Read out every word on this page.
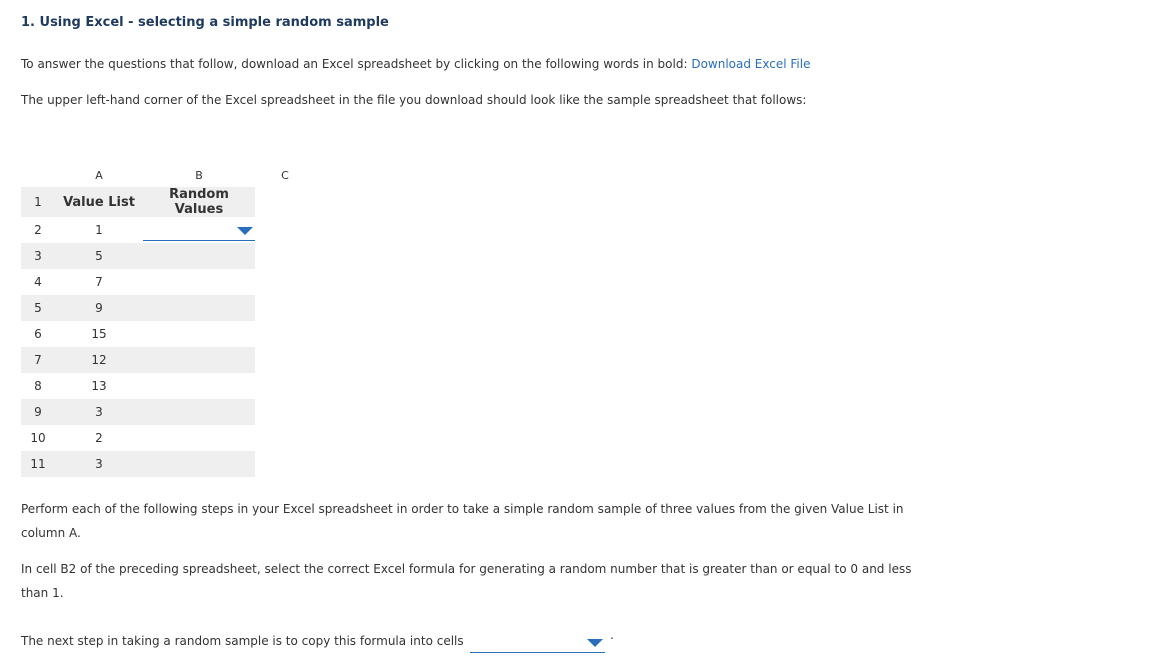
1. Using Excel - selecting a simple random sample
To answer the questions that follow, download an Excel spreadsheet by clicking on the following words in bold: Download Excel File
The upper left-hand corner of the Excel spreadsheet in the file you download should look like the sample spreadsheet that follows:
	A	B	C
1	Value List	Random Values	
2	1	

3	5		
4	7		
5	9		
6	15		
7	12		
8	13		
9	3		
10	2		
11	3		
Perform each of the following steps in your Excel spreadsheet in order to take a simple random sample of three values from the given Value List in column A.
In cell B2 of the preceding spreadsheet, select the correct Excel formula for generating a random number that is greater than or equal to 0 and less than 1.
The next step in taking a random sample is to copy this formula into cells	.
